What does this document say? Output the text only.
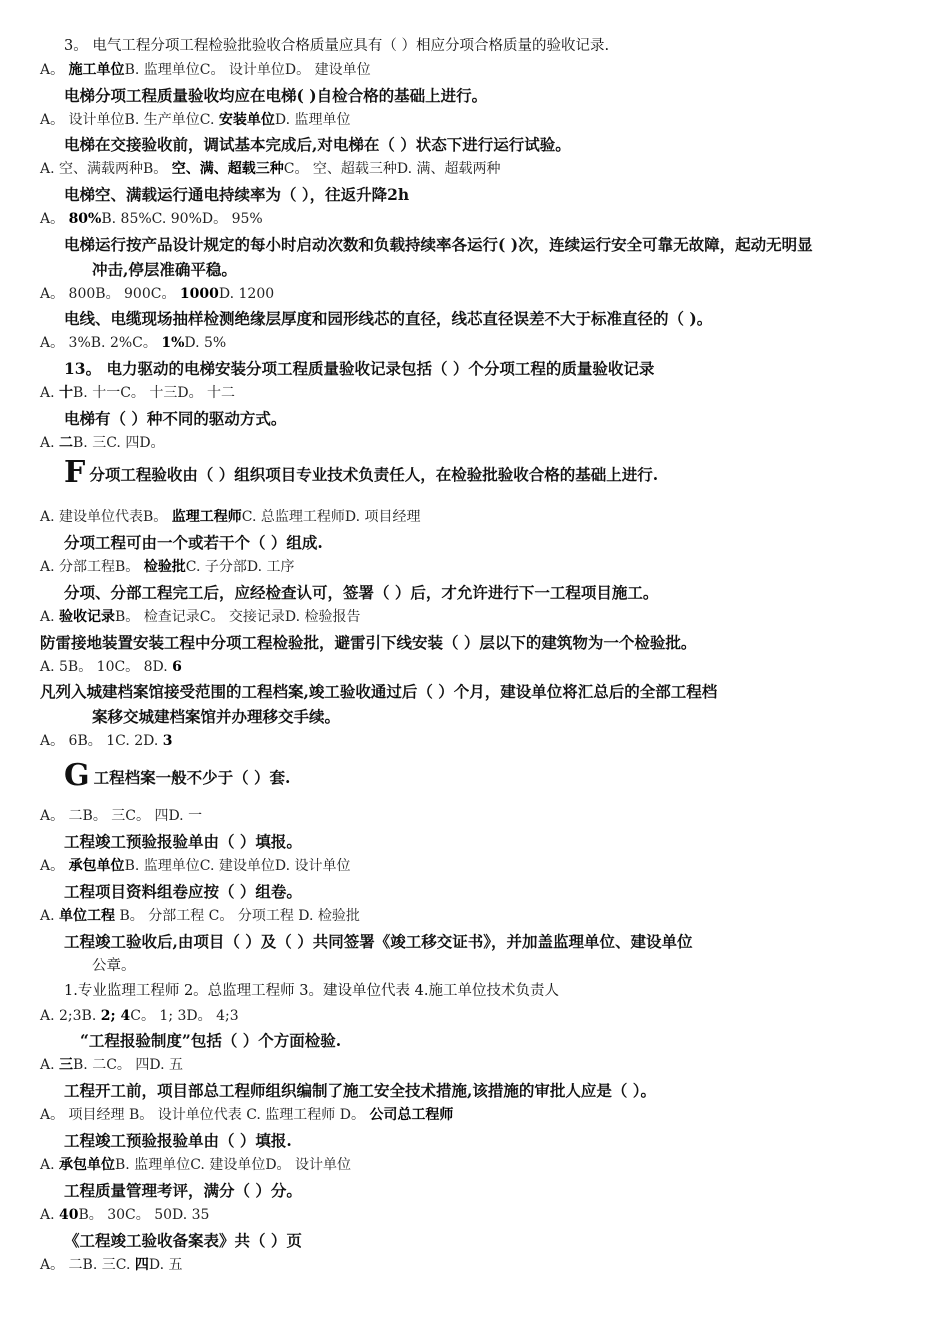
3。 电气工程分项工程检验批验收合格质量应具有（ ）相应分项合格质量的验收记录.
A。 施工单位B. 监理单位C。 设计单位D。 建设单位
电梯分项工程质量验收均应在电梯( )自检合格的基础上进行。
A。 设计单位B. 生产单位C. 安装单位D. 监理单位
电梯在交接验收前，调试基本完成后,对电梯在（ ）状态下进行运行试验。
A. 空、满载两种B。 空、满、超载三种C。 空、超载三种D. 满、超载两种
电梯空、满载运行通电持续率为（ ），往返升降2h
A。 80%B. 85%C. 90%D。 95%
电梯运行按产品设计规定的每小时启动次数和负载持续率各运行( )次，连续运行安全可靠无故障，起动无明显
冲击,停层准确平稳。
A。 800B。 900C。 1000D. 1200
电线、电缆现场抽样检测绝缘层厚度和园形线芯的直径，线芯直径误差不大于标准直径的（ )。
A。 3%B. 2%C。 1%D. 5%
13。 电力驱动的电梯安装分项工程质量验收记录包括（ ）个分项工程的质量验收记录
A. 十B. 十一C。 十三D。 十二
电梯有（ ）种不同的驱动方式。
A. 二B. 三C. 四D。
F分项工程验收由（ ）组织项目专业技术负责任人，在检验批验收合格的基础上进行.
A. 建设单位代表B。 监理工程师C. 总监理工程师D. 项目经理
分项工程可由一个或若干个（ ）组成.
A. 分部工程B。 检验批C. 子分部D. 工序
分项、分部工程完工后，应经检查认可，签署（ ）后，才允许进行下一工程项目施工。
A. 验收记录B。 检查记录C。 交接记录D. 检验报告
防雷接地装置安装工程中分项工程检验批，避雷引下线安装（ ）层以下的建筑物为一个检验批。
A. 5B。 10C。 8D. 6
凡列入城建档案馆接受范围的工程档案,竣工验收通过后（ ）个月，建设单位将汇总后的全部工程档
案移交城建档案馆并办理移交手续。
A。 6B。 1C. 2D. 3
G工程档案一般不少于（ ）套.
A。 二B。 三C。 四D. 一
工程竣工预验报验单由（ ）填报。
A。 承包单位B. 监理单位C. 建设单位D. 设计单位
工程项目资料组卷应按（ ）组卷。
A. 单位工程 B。 分部工程 C。 分项工程 D. 检验批
工程竣工验收后,由项目（ ）及（ ）共同签署《竣工移交证书》，并加盖监理单位、建设单位
公章。
1.专业监理工程师 2。总监理工程师 3。建设单位代表 4.施工单位技术负责人
A. 2;3B. 2; 4C。 1; 3D。 4;3
“工程报验制度”包括（ ）个方面检验.
A. 三B. 二C。 四D. 五
工程开工前，项目部总工程师组织编制了施工安全技术措施,该措施的审批人应是（ ）。
A。 项目经理 B。 设计单位代表 C. 监理工程师 D。 公司总工程师
工程竣工预验报验单由（ ）填报.
A. 承包单位B. 监理单位C. 建设单位D。 设计单位
工程质量管理考评，满分（ ）分。
A. 40B。 30C。 50D. 35
《工程竣工验收备案表》共（ ）页
A。 二B. 三C. 四D. 五
